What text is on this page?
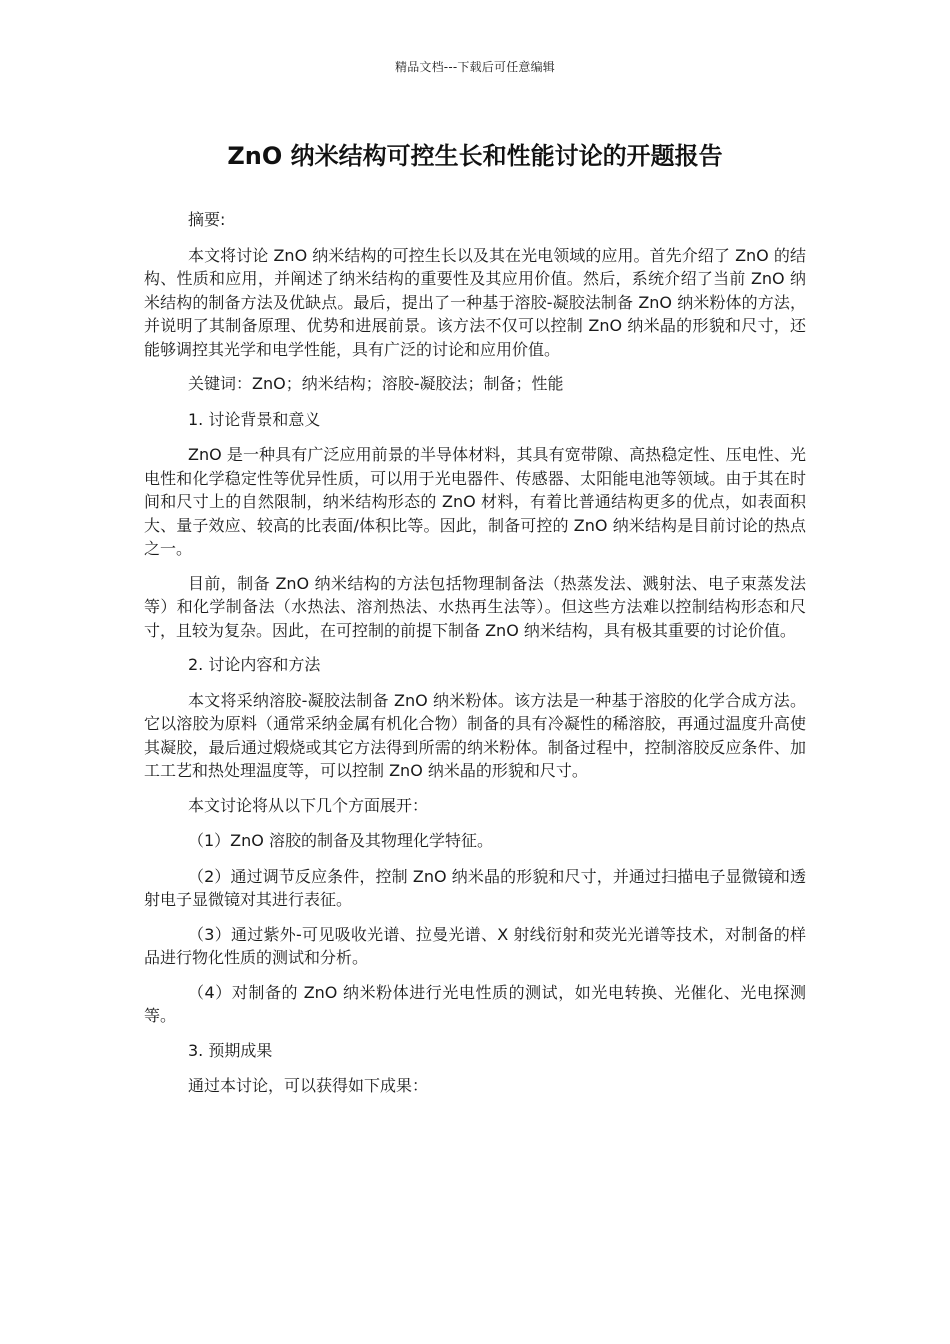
精品文档---下载后可任意编辑
ZnO 纳米结构可控生长和性能讨论的开题报告

摘要:

本文将讨论 ZnO 纳米结构的可控生长以及其在光电领域的应用。首先介绍了 ZnO 的结构、性质和应用，并阐述了纳米结构的重要性及其应用价值。然后，系统介绍了当前 ZnO 纳米结构的制备方法及优缺点。最后，提出了一种基于溶胶-凝胶法制备 ZnO 纳米粉体的方法，并说明了其制备原理、优势和进展前景。该方法不仅可以控制 ZnO 纳米晶的形貌和尺寸，还能够调控其光学和电学性能，具有广泛的讨论和应用价值。

关键词：ZnO；纳米结构；溶胶-凝胶法；制备；性能

1. 讨论背景和意义

ZnO 是一种具有广泛应用前景的半导体材料，其具有宽带隙、高热稳定性、压电性、光电性和化学稳定性等优异性质，可以用于光电器件、传感器、太阳能电池等领域。由于其在时间和尺寸上的自然限制，纳米结构形态的 ZnO 材料，有着比普通结构更多的优点，如表面积大、量子效应、较高的比表面/体积比等。因此，制备可控的 ZnO 纳米结构是目前讨论的热点之一。

目前，制备 ZnO 纳米结构的方法包括物理制备法（热蒸发法、溅射法、电子束蒸发法等）和化学制备法（水热法、溶剂热法、水热再生法等）。但这些方法难以控制结构形态和尺寸，且较为复杂。因此，在可控制的前提下制备 ZnO 纳米结构，具有极其重要的讨论价值。

2. 讨论内容和方法

本文将采纳溶胶-凝胶法制备 ZnO 纳米粉体。该方法是一种基于溶胶的化学合成方法。它以溶胶为原料（通常采纳金属有机化合物）制备的具有冷凝性的稀溶胶，再通过温度升高使其凝胶，最后通过煅烧或其它方法得到所需的纳米粉体。制备过程中，控制溶胶反应条件、加工工艺和热处理温度等，可以控制 ZnO 纳米晶的形貌和尺寸。

本文讨论将从以下几个方面展开：

（1）ZnO 溶胶的制备及其物理化学特征。

（2）通过调节反应条件，控制 ZnO 纳米晶的形貌和尺寸，并通过扫描电子显微镜和透射电子显微镜对其进行表征。

（3）通过紫外-可见吸收光谱、拉曼光谱、X 射线衍射和荧光光谱等技术，对制备的样品进行物化性质的测试和分析。

（4）对制备的 ZnO 纳米粉体进行光电性质的测试，如光电转换、光催化、光电探测等。

3. 预期成果

通过本讨论，可以获得如下成果：
